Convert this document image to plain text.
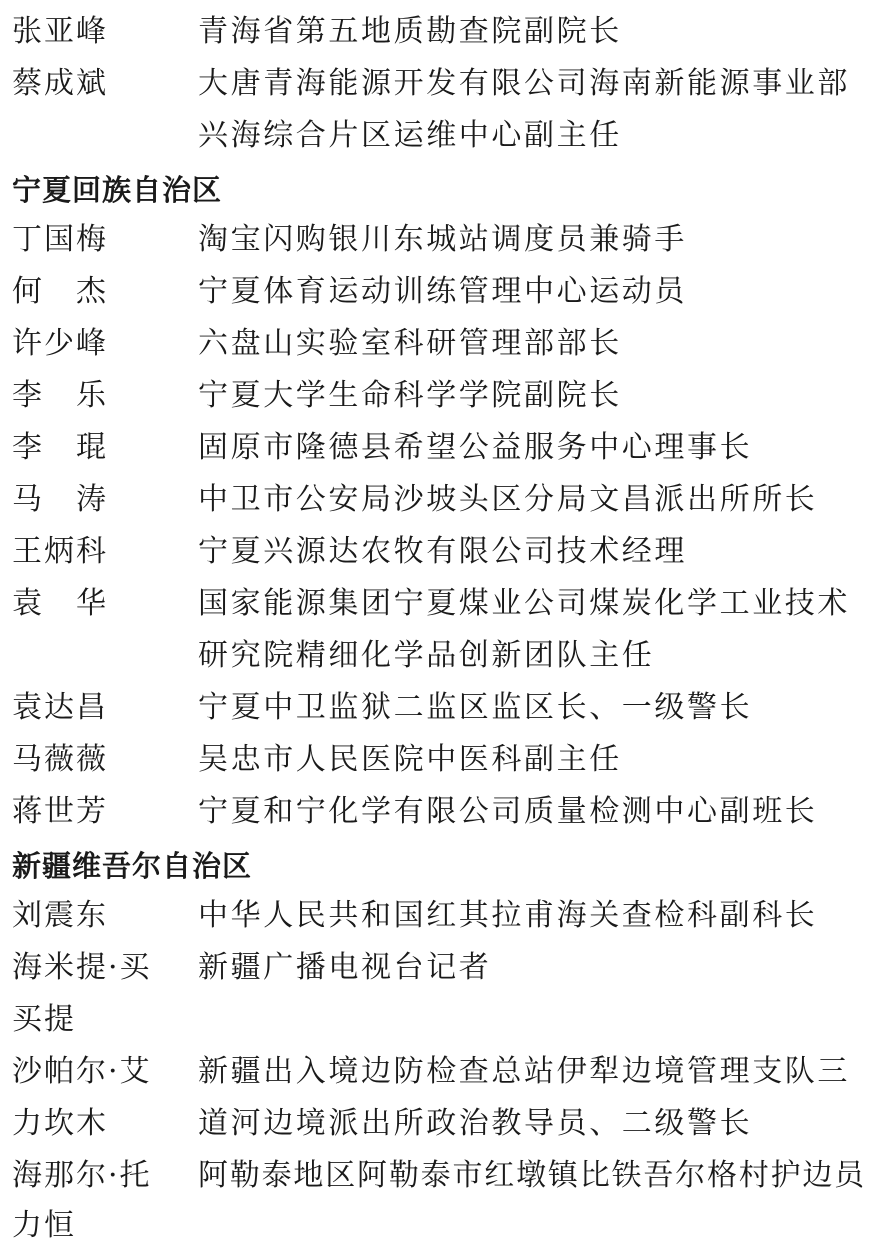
张亚峰	青海省第五地质勘查院副院长
蔡成斌	大唐青海能源开发有限公司海南新能源事业部
兴海综合片区运维中心副主任
宁夏回族自治区
丁国梅	淘宝闪购银川东城站调度员兼骑手
何　杰	宁夏体育运动训练管理中心运动员
许少峰	六盘山实验室科研管理部部长
李　乐	宁夏大学生命科学学院副院长
李　琨	固原市隆德县希望公益服务中心理事长
马　涛	中卫市公安局沙坡头区分局文昌派出所所长
王炳科	宁夏兴源达农牧有限公司技术经理
袁　华	国家能源集团宁夏煤业公司煤炭化学工业技术
研究院精细化学品创新团队主任
袁达昌	宁夏中卫监狱二监区监区长、一级警长
马薇薇	吴忠市人民医院中医科副主任
蒋世芳	宁夏和宁化学有限公司质量检测中心副班长
新疆维吾尔自治区
刘震东	中华人民共和国红其拉甫海关查检科副科长
海米提·买 新疆广播电视台记者
买提
沙帕尔·艾 新疆出入境边防检查总站伊犁边境管理支队三
力坎木	道河边境派出所政治教导员、二级警长
海那尔·托 阿勒泰地区阿勒泰市红墩镇比铁吾尔格村护边员
力恒
